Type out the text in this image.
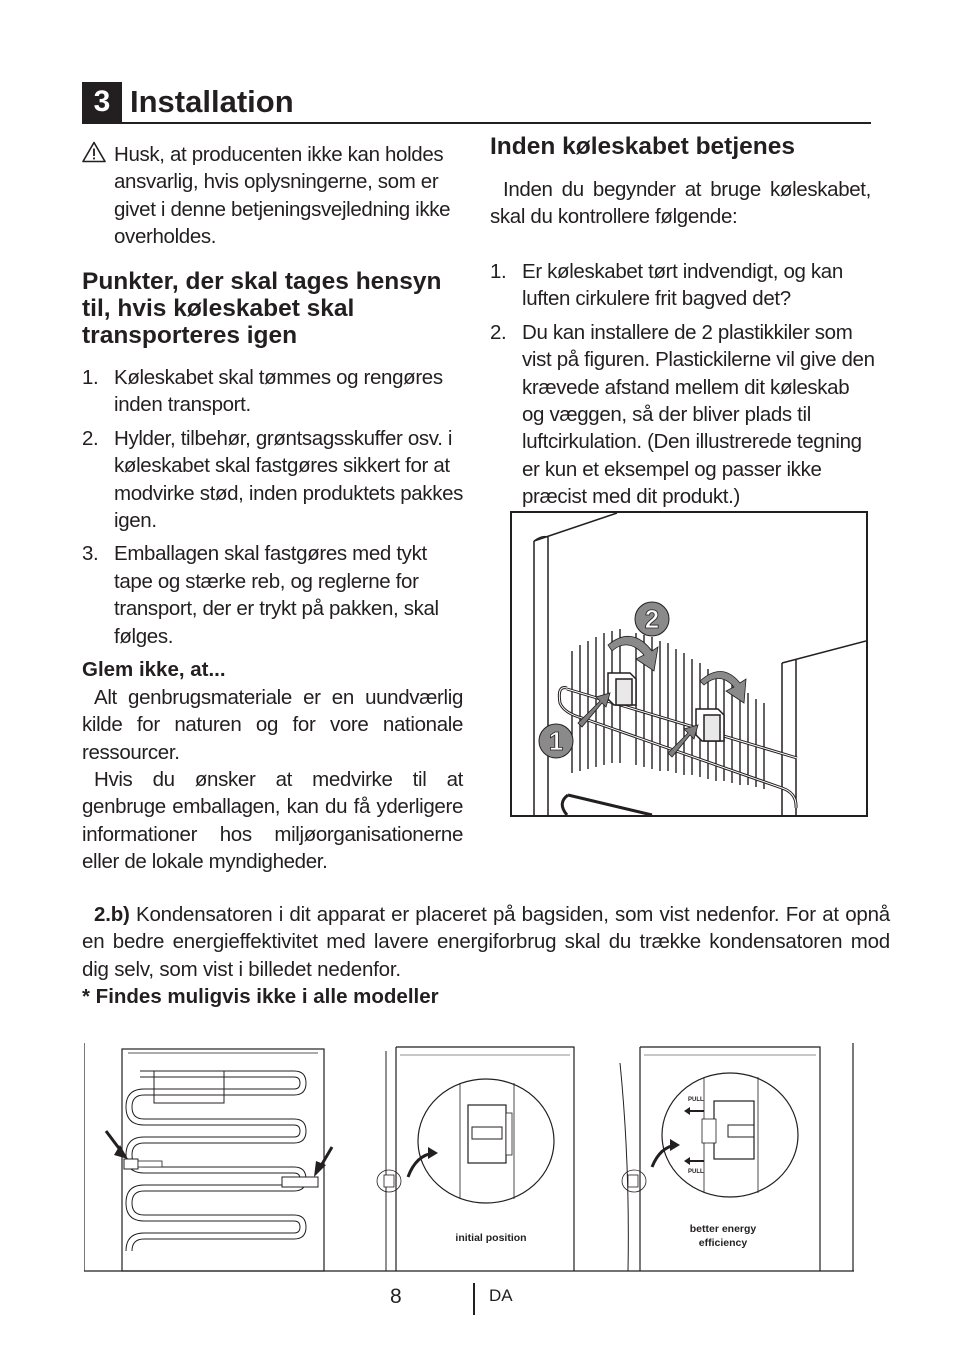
3 Installation
Husk, at producenten ikke kan holdes ansvarlig, hvis oplysningerne, som er givet i denne betjeningsvejledning ikke overholdes.
Punkter, der skal tages hensyn til, hvis køleskabet skal transporteres igen
1. Køleskabet skal tømmes og rengøres inden transport.
2. Hylder, tilbehør, grøntsagsskuffer osv. i køleskabet skal fastgøres sikkert for at modvirke stød, inden produktets pakkes igen.
3. Emballagen skal fastgøres med tykt tape og stærke reb, og reglerne for transport, der er trykt på pakken, skal følges.
Glem ikke, at...
Alt genbrugsmateriale er en uundværlig kilde for naturen og for vore nationale ressourcer.
Hvis du ønsker at medvirke til at genbruge emballagen, kan du få yderligere informationer hos miljøorganisationerne eller de lokale myndigheder.
Inden køleskabet betjenes
Inden du begynder at bruge køleskabet, skal du kontrollere følgende:
1. Er køleskabet tørt indvendigt, og kan luften cirkulere frit bagved det?
2. Du kan installere de 2 plastikkiler som vist på figuren. Plastickilerne vil give den krævede afstand mellem dit køleskab og væggen, så der bliver plads til luftcirkulation. (Den illustrerede tegning er kun et eksempel og passer ikke præcist med dit produkt.)
2
1
2.b) Kondensatoren i dit apparat er placeret på bagsiden, som vist nedenfor. For at opnå en bedre energieffektivitet med lavere energiforbrug skal du trække kondensatoren mod dig selv, som vist i billedet nedenfor.
* Findes muligvis ikke i alle modeller
initial position
PULL
PULL
better energy
efficiency
8	DA
